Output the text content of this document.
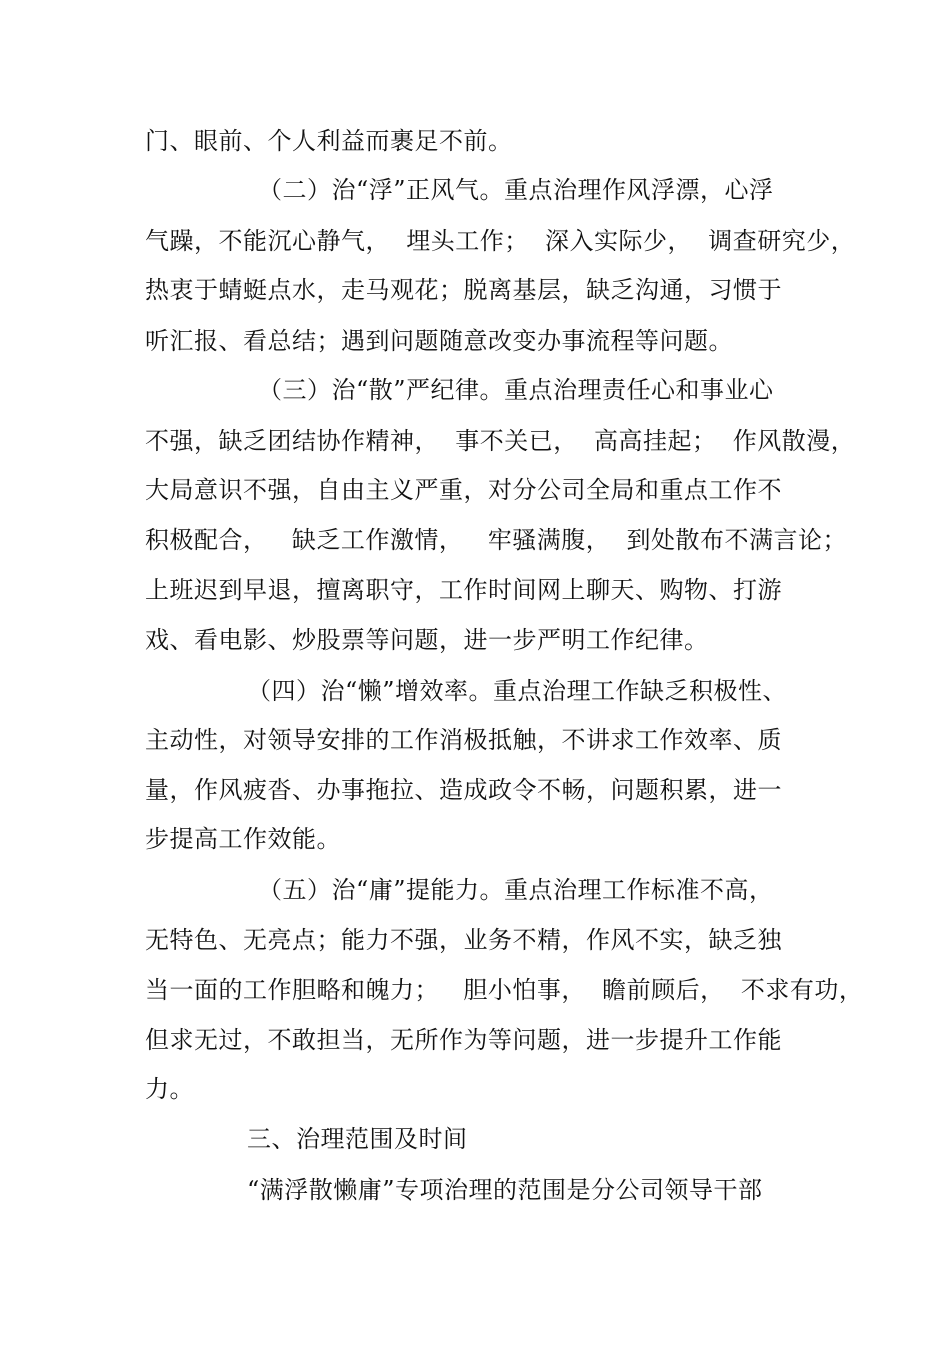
门、眼前、个人利益而裹足不前。
（二）治“浮”正风气。重点治理作风浮漂，心浮
气躁，不能沉心静气，  埋头工作；  深入实际少，  调查研究少，
热衷于蜻蜓点水，走马观花；脱离基层，缺乏沟通，习惯于
听汇报、看总结；遇到问题随意改变办事流程等问题。
（三）治“散”严纪律。重点治理责任心和事业心
不强，缺乏团结协作精神，  事不关已，  高高挂起；  作风散漫，
大局意识不强，自由主义严重，对分公司全局和重点工作不
积极配合，   缺乏工作激情，   牢骚满腹，  到处散布不满言论；
上班迟到早退，擅离职守，工作时间网上聊天、购物、打游
戏、看电影、炒股票等问题，进一步严明工作纪律。
（四）治“懒”增效率。重点治理工作缺乏积极性、
主动性，对领导安排的工作消极抵触，不讲求工作效率、质
量，作风疲沓、办事拖拉、造成政令不畅，问题积累，进一
步提高工作效能。
（五）治“庸”提能力。重点治理工作标准不高，
无特色、无亮点；能力不强，业务不精，作风不实，缺乏独
当一面的工作胆略和魄力；   胆小怕事，  瞻前顾后，  不求有功，
但求无过，不敢担当，无所作为等问题，进一步提升工作能
力。
三、治理范围及时间
“满浮散懒庸”专项治理的范围是分公司领导干部
